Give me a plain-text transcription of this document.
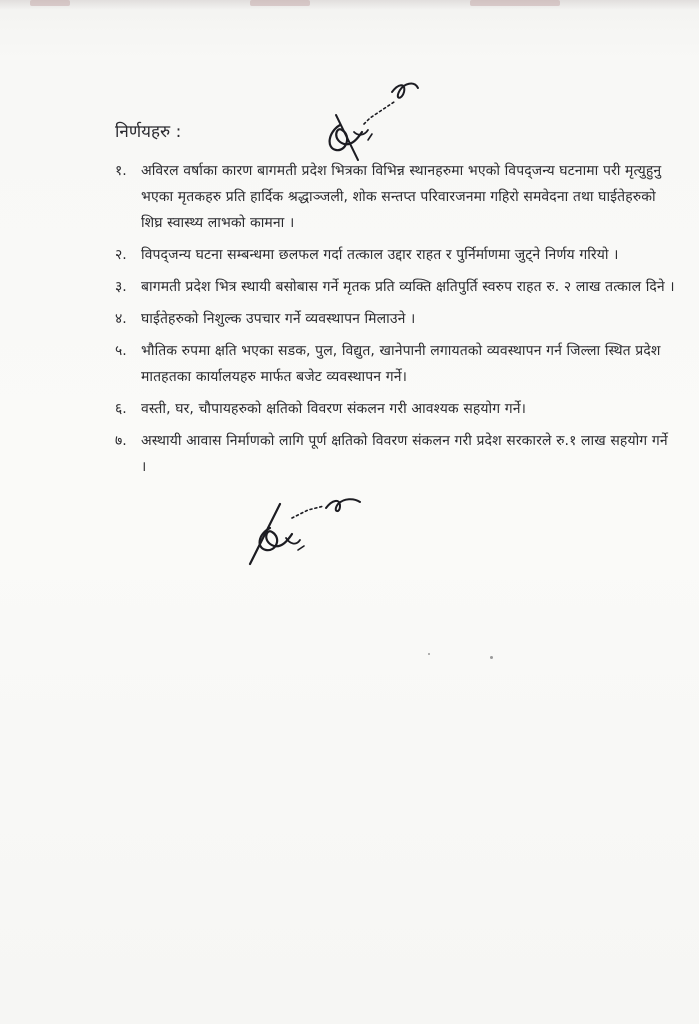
निर्णयहरु :
१.	अविरल वर्षाका कारण बागमती प्रदेश भित्रका विभिन्न स्थानहरुमा भएको विपद्जन्य घटनामा परी मृत्युहुनु भएका मृतकहरु प्रति हार्दिक श्रद्धाञ्जली, शोक सन्तप्त परिवारजनमा गहिरो समवेदना तथा घाईतेहरुको शिघ्र स्वास्थ्य लाभको कामना ।
२.	विपद्जन्य घटना सम्बन्धमा छलफल गर्दा तत्काल उद्दार राहत र पुर्निर्माणमा जुट्ने निर्णय गरियो ।
३.	बागमती प्रदेश भित्र स्थायी बसोबास गर्ने मृतक प्रति व्यक्ति क्षतिपुर्ति स्वरुप राहत रु. २ लाख तत्काल दिने ।
४.	घाईतेहरुको निशुल्क उपचार गर्ने व्यवस्थापन मिलाउने ।
५.	भौतिक रुपमा क्षति भएका सडक, पुल, विद्युत, खानेपानी लगायतको व्यवस्थापन गर्न जिल्ला स्थित प्रदेश मातहतका कार्यालयहरु मार्फत बजेट व्यवस्थापन गर्ने।
६.	वस्ती, घर, चौपायहरुको क्षतिको विवरण संकलन गरी आवश्यक सहयोग गर्ने।
७.	अस्थायी आवास निर्माणको लागि पूर्ण क्षतिको विवरण संकलन गरी प्रदेश सरकारले रु.१ लाख सहयोग गर्ने ।
